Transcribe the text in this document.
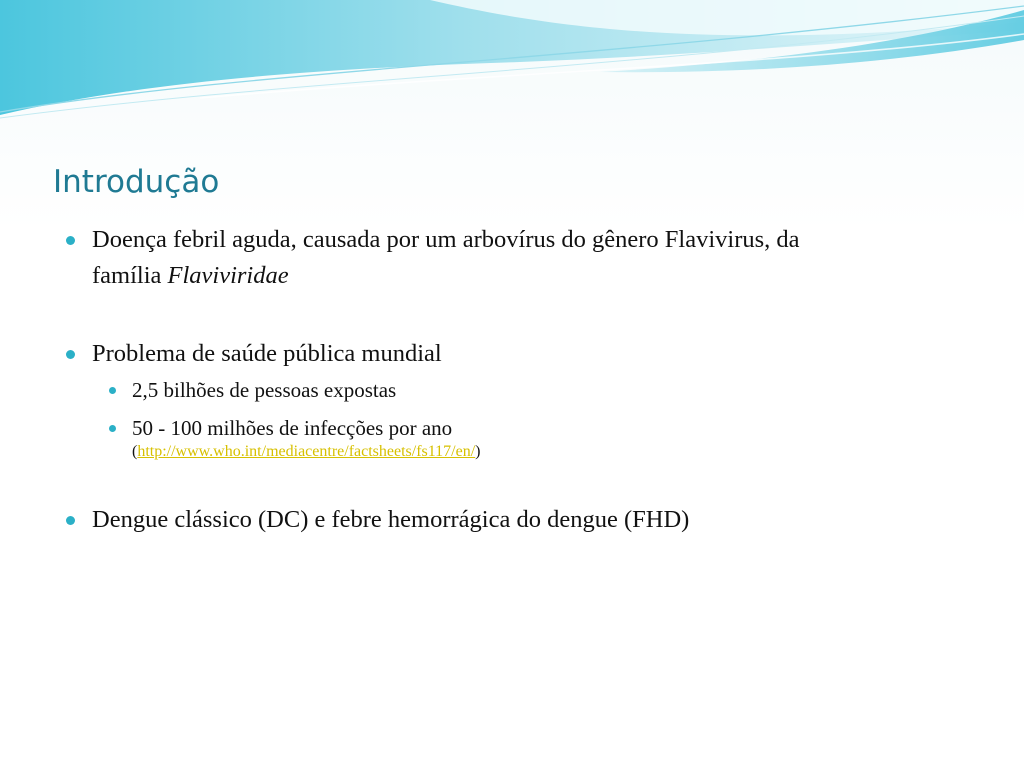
Introdução
Doença febril aguda, causada por um arbovírus do gênero Flavivirus, da
família Flaviviridae
Problema de saúde pública mundial
2,5 bilhões de pessoas expostas
50 - 100 milhões de infecções por ano
(http://www.who.int/mediacentre/factsheets/fs117/en/)
Dengue clássico (DC) e febre hemorrágica do dengue (FHD)
